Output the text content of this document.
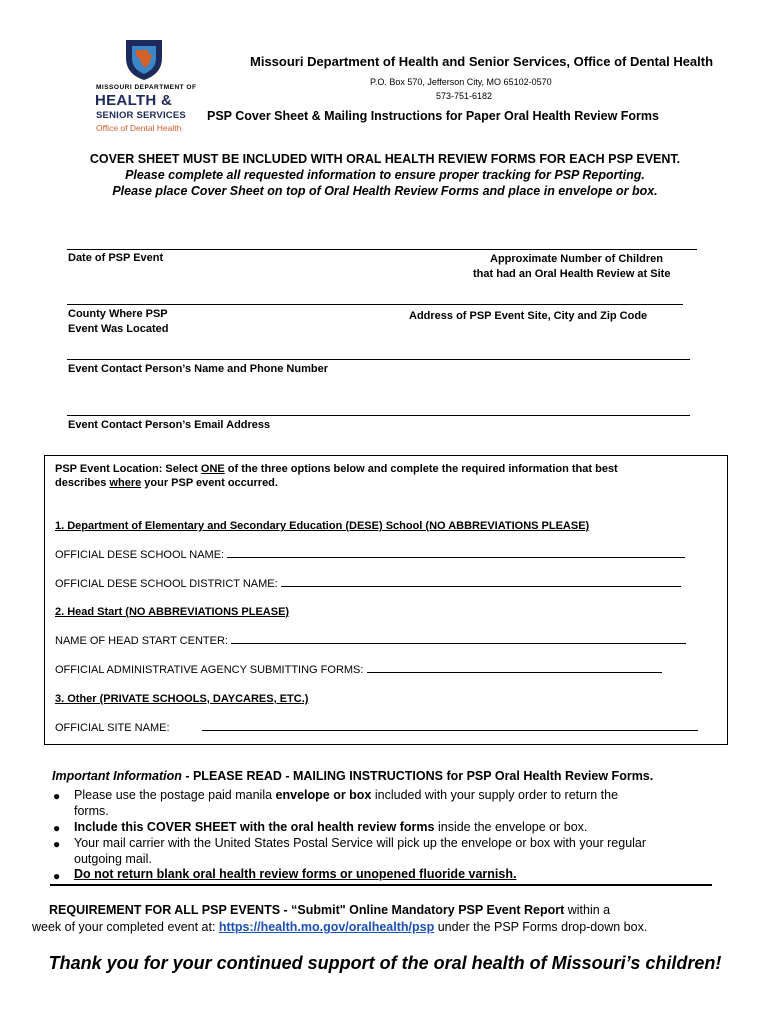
MISSOURI DEPARTMENT OF
HEALTH &
SENIOR SERVICES
Office of Dental Health
Missouri Department of Health and Senior Services, Office of Dental Health
P.O. Box 570, Jefferson City, MO 65102-0570
573-751-6182
PSP Cover Sheet & Mailing Instructions for Paper Oral Health Review Forms
COVER SHEET MUST BE INCLUDED WITH ORAL HEALTH REVIEW FORMS FOR EACH PSP EVENT.
Please complete all requested information to ensure proper tracking for PSP Reporting.
Please place Cover Sheet on top of Oral Health Review Forms and place in envelope or box.
Date of PSP Event	Approximate Number of Children
that had an Oral Health Review at Site
County Where PSP
Event Was Located
Address of PSP Event Site, City and Zip Code
Event Contact Person’s Name and Phone Number
Event Contact Person’s Email Address
PSP Event Location: Select ONE of the three options below and complete the required information that best
describes where your PSP event occurred.
1. Department of Elementary and Secondary Education (DESE) School (NO ABBREVIATIONS PLEASE)
OFFICIAL DESE SCHOOL NAME:
OFFICIAL DESE SCHOOL DISTRICT NAME:
2. Head Start (NO ABBREVIATIONS PLEASE)
NAME OF HEAD START CENTER:
OFFICIAL ADMINISTRATIVE AGENCY SUBMITTING FORMS:
3. Other (PRIVATE SCHOOLS, DAYCARES, ETC.)
OFFICIAL SITE NAME:
Important Information - PLEASE READ - MAILING INSTRUCTIONS for PSP Oral Health Review Forms.
● Please use the postage paid manila envelope or box included with your supply order to return the
forms.
● Include this COVER SHEET with the oral health review forms inside the envelope or box.
● Your mail carrier with the United States Postal Service will pick up the envelope or box with your regular
outgoing mail.
● Do not return blank oral health review forms or unopened fluoride varnish.
REQUIREMENT FOR ALL PSP EVENTS - “Submit" Online Mandatory PSP Event Report within a
week of your completed event at: https://health.mo.gov/oralhealth/psp under the PSP Forms drop-down box.
Thank you for your continued support of the oral health of Missouri’s children!
